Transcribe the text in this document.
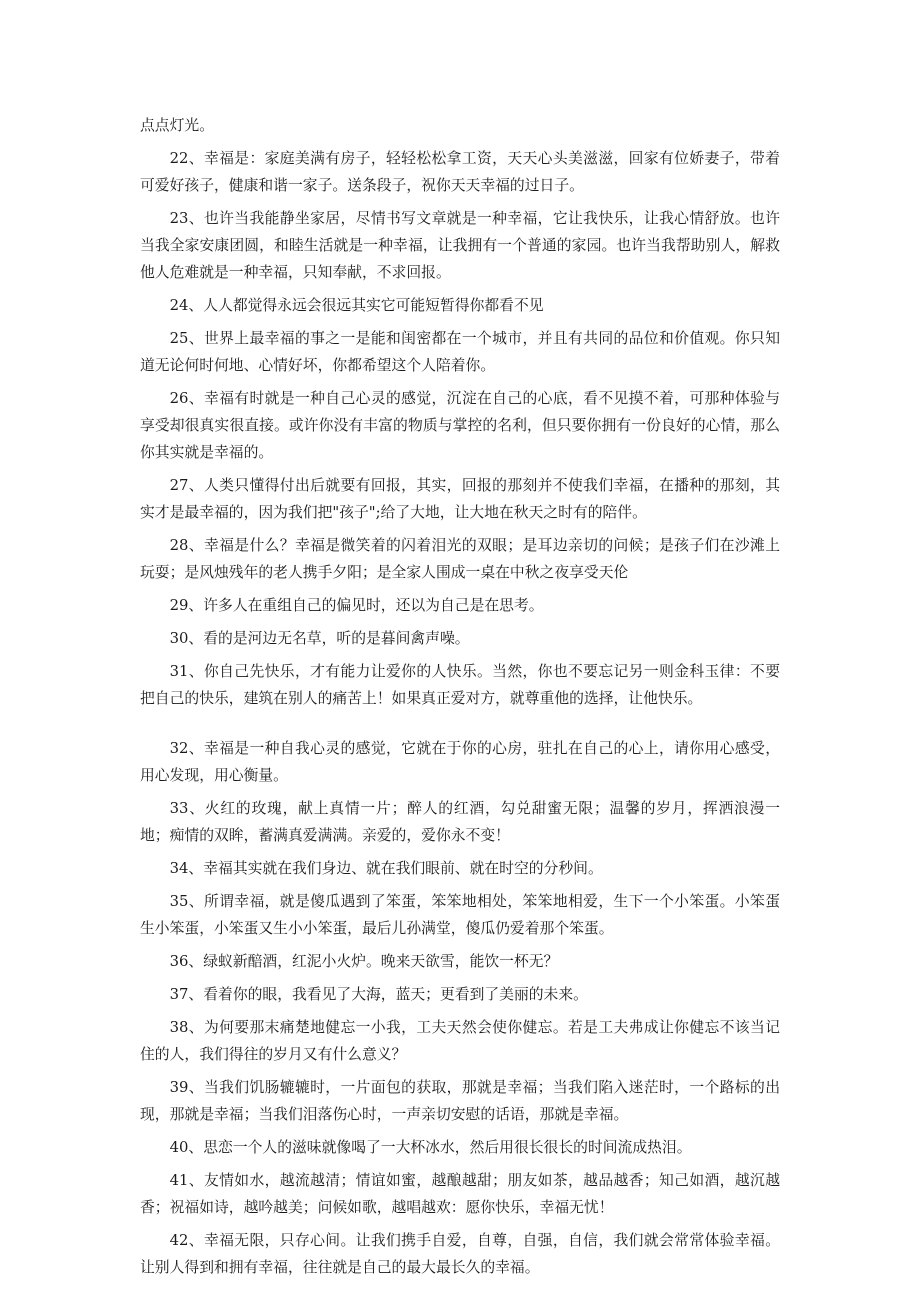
点点灯光。

22、幸福是：家庭美满有房子，轻轻松松拿工资，天天心头美滋滋，回家有位娇妻子，带着可爱好孩子，健康和谐一家子。送条段子，祝你天天幸福的过日子。

23、也许当我能静坐家居，尽情书写文章就是一种幸福，它让我快乐，让我心情舒放。也许当我全家安康团圆，和睦生活就是一种幸福，让我拥有一个普通的家园。也许当我帮助别人，解救他人危难就是一种幸福，只知奉献，不求回报。

24、人人都觉得永远会很远其实它可能短暂得你都看不见

25、世界上最幸福的事之一是能和闺密都在一个城市，并且有共同的品位和价值观。你只知道无论何时何地、心情好坏，你都希望这个人陪着你。

26、幸福有时就是一种自己心灵的感觉，沉淀在自己的心底，看不见摸不着，可那种体验与享受却很真实很直接。或许你没有丰富的物质与掌控的名利，但只要你拥有一份良好的心情，那么你其实就是幸福的。

27、人类只懂得付出后就要有回报，其实，回报的那刻并不使我们幸福，在播种的那刻，其实才是最幸福的，因为我们把"孩子";给了大地，让大地在秋天之时有的陪伴。

28、幸福是什么？幸福是微笑着的闪着泪光的双眼；是耳边亲切的问候；是孩子们在沙滩上玩耍；是风烛残年的老人携手夕阳；是全家人围成一桌在中秋之夜享受天伦

29、许多人在重组自己的偏见时，还以为自己是在思考。

30、看的是河边无名草，听的是暮间禽声噪。

31、你自己先快乐，才有能力让爱你的人快乐。当然，你也不要忘记另一则金科玉律：不要把自己的快乐，建筑在别人的痛苦上！如果真正爱对方，就尊重他的选择，让他快乐。

32、幸福是一种自我心灵的感觉，它就在于你的心房，驻扎在自己的心上，请你用心感受，用心发现，用心衡量。

33、火红的玫瑰，献上真情一片；醉人的红酒，勾兑甜蜜无限；温馨的岁月，挥洒浪漫一地；痴情的双眸，蓄满真爱满满。亲爱的，爱你永不变！

34、幸福其实就在我们身边、就在我们眼前、就在时空的分秒间。

35、所谓幸福，就是傻瓜遇到了笨蛋，笨笨地相处，笨笨地相爱，生下一个小笨蛋。小笨蛋生小笨蛋，小笨蛋又生小小笨蛋，最后儿孙满堂，傻瓜仍爱着那个笨蛋。

36、绿蚁新醅酒，红泥小火炉。晚来天欲雪，能饮一杯无？

37、看着你的眼，我看见了大海，蓝天；更看到了美丽的未来。

38、为何要那末痛楚地健忘一小我，工夫天然会使你健忘。若是工夫弗成让你健忘不该当记住的人，我们得往的岁月又有什么意义？

39、当我们饥肠辘辘时，一片面包的获取，那就是幸福；当我们陷入迷茫时，一个路标的出现，那就是幸福；当我们泪落伤心时，一声亲切安慰的话语，那就是幸福。

40、思恋一个人的滋味就像喝了一大杯冰水，然后用很长很长的时间流成热泪。

41、友情如水，越流越清；情谊如蜜，越酿越甜；朋友如茶，越品越香；知己如酒，越沉越香；祝福如诗，越吟越美；问候如歌，越唱越欢：愿你快乐，幸福无忧！

42、幸福无限，只存心间。让我们携手自爱，自尊，自强，自信，我们就会常常体验幸福。让别人得到和拥有幸福，往往就是自己的最大最长久的幸福。
